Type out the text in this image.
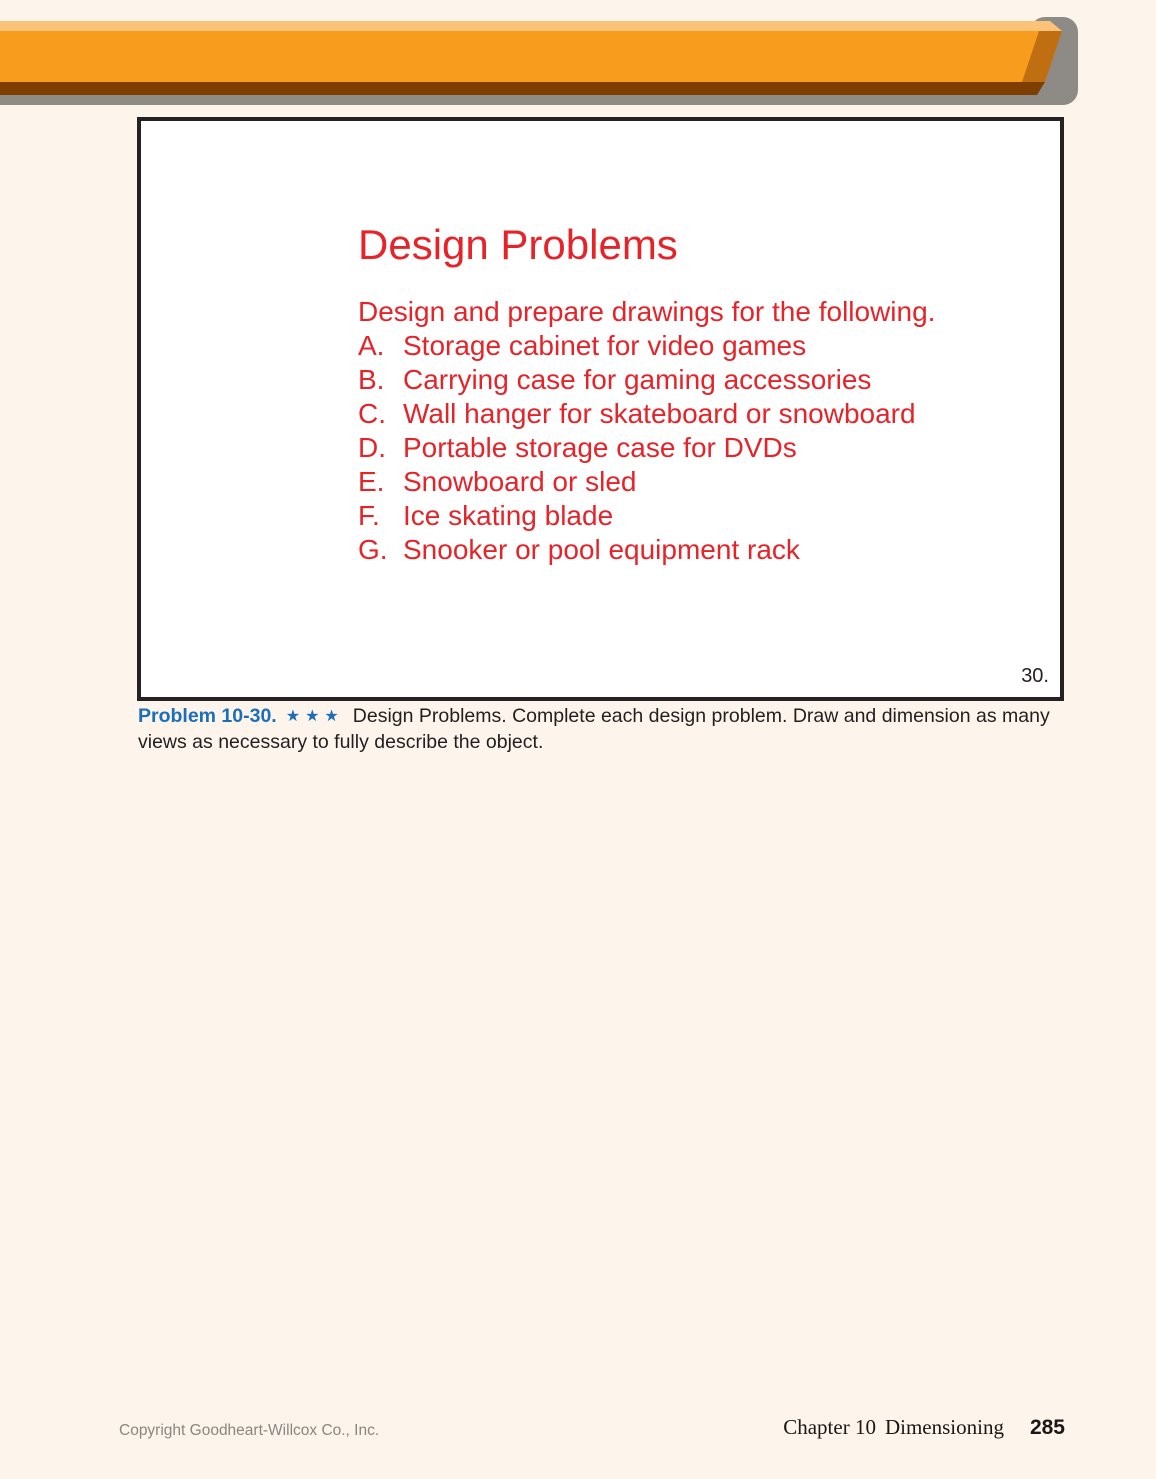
Design Problems

Design and prepare drawings for the following.

A. Storage cabinet for video games
B. Carrying case for gaming accessories
C. Wall hanger for skateboard or snowboard
D. Portable storage case for DVDs
E. Snowboard or sled
F. Ice skating blade
G. Snooker or pool equipment rack
30.

Problem 10-30. ★★★ Design Problems. Complete each design problem. Draw and dimension as many views as necessary to fully describe the object.

Copyright Goodheart-Willcox Co., Inc.	Chapter 10 Dimensioning 285
